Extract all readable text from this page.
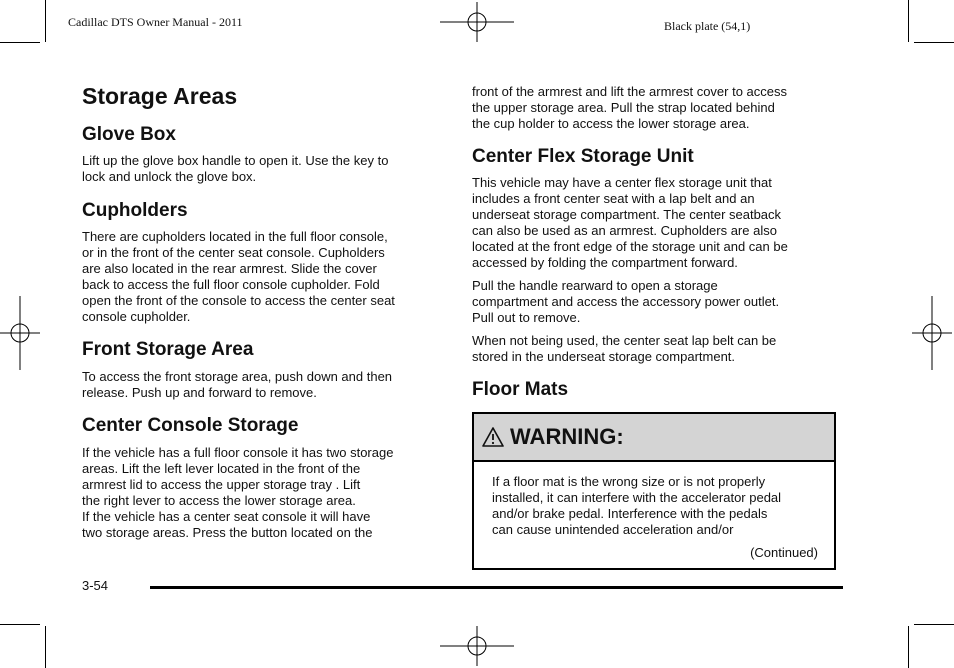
Cadillac DTS Owner Manual - 2011	Black plate (54,1)
Storage Areas
Glove Box
Lift up the glove box handle to open it. Use the key to
lock and unlock the glove box.
Cupholders
There are cupholders located in the full floor console,
or in the front of the center seat console. Cupholders
are also located in the rear armrest. Slide the cover
back to access the full floor console cupholder. Fold
open the front of the console to access the center seat
console cupholder.
Front Storage Area
To access the front storage area, push down and then
release. Push up and forward to remove.
Center Console Storage
If the vehicle has a full floor console it has two storage
areas. Lift the left lever located in the front of the
armrest lid to access the upper storage tray . Lift
the right lever to access the lower storage area.
If the vehicle has a center seat console it will have
two storage areas. Press the button located on the
front of the armrest and lift the armrest cover to access
the upper storage area. Pull the strap located behind
the cup holder to access the lower storage area.
Center Flex Storage Unit
This vehicle may have a center flex storage unit that
includes a front center seat with a lap belt and an
underseat storage compartment. The center seatback
can also be used as an armrest. Cupholders are also
located at the front edge of the storage unit and can be
accessed by folding the compartment forward.
Pull the handle rearward to open a storage
compartment and access the accessory power outlet.
Pull out to remove.
When not being used, the center seat lap belt can be
stored in the underseat storage compartment.
Floor Mats
WARNING:
If a floor mat is the wrong size or is not properly
installed, it can interfere with the accelerator pedal
and/or brake pedal. Interference with the pedals
can cause unintended acceleration and/or
(Continued)
3-54
